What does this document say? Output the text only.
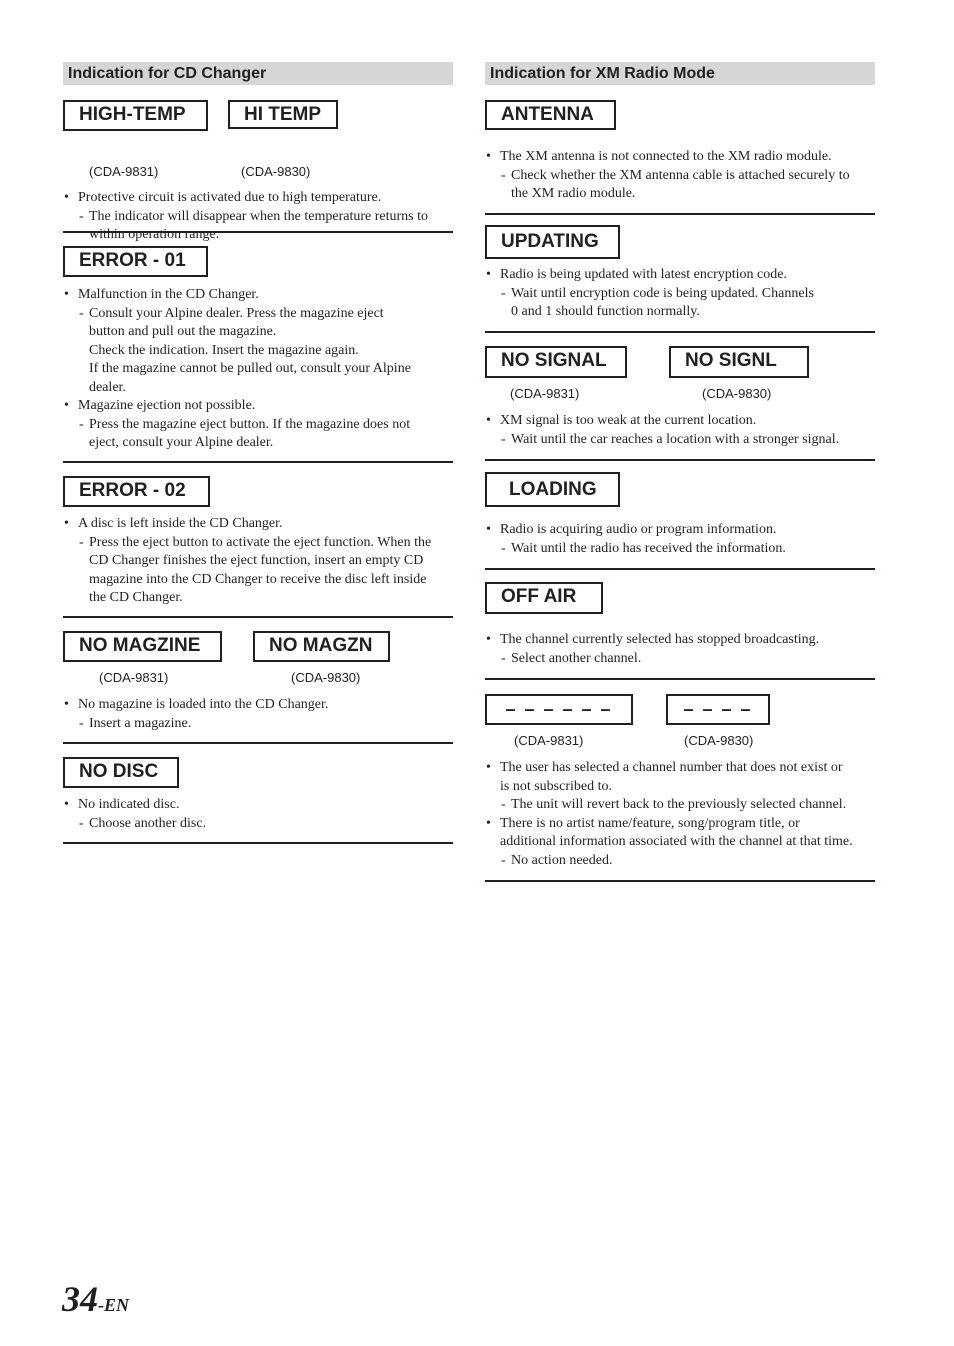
Indication for CD Changer
HIGH-TEMP	HI TEMP
(CDA-9831)	(CDA-9830)
• Protective circuit is activated due to high temperature.
- The indicator will disappear when the temperature returns to
within operation range.
ERROR - 01
• Malfunction in the CD Changer.
- Consult your Alpine dealer. Press the magazine eject
button and pull out the magazine.
Check the indication. Insert the magazine again.
If the magazine cannot be pulled out, consult your Alpine
dealer.
• Magazine ejection not possible.
- Press the magazine eject button. If the magazine does not
eject, consult your Alpine dealer.
ERROR - 02
• A disc is left inside the CD Changer.
- Press the eject button to activate the eject function. When the
CD Changer finishes the eject function, insert an empty CD
magazine into the CD Changer to receive the disc left inside
the CD Changer.
NO MAGZINE	NO MAGZN
(CDA-9831)	(CDA-9830)
• No magazine is loaded into the CD Changer.
- Insert a magazine.
NO DISC
• No indicated disc.
- Choose another disc.
Indication for XM Radio Mode
ANTENNA
• The XM antenna is not connected to the XM radio module.
- Check whether the XM antenna cable is attached securely to
the XM radio module.
UPDATING
• Radio is being updated with latest encryption code.
- Wait until encryption code is being updated. Channels
0 and 1 should function normally.
NO SIGNAL	NO SIGNL
(CDA-9831)	(CDA-9830)
• XM signal is too weak at the current location.
- Wait until the car reaches a location with a stronger signal.
LOADING
• Radio is acquiring audio or program information.
- Wait until the radio has received the information.
OFF AIR
• The channel currently selected has stopped broadcasting.
- Select another channel.
– – – – – –	– – – –
(CDA-9831)	(CDA-9830)
• The user has selected a channel number that does not exist or
is not subscribed to.
- The unit will revert back to the previously selected channel.
• There is no artist name/feature, song/program title, or
additional information associated with the channel at that time.
- No action needed.
34-EN
